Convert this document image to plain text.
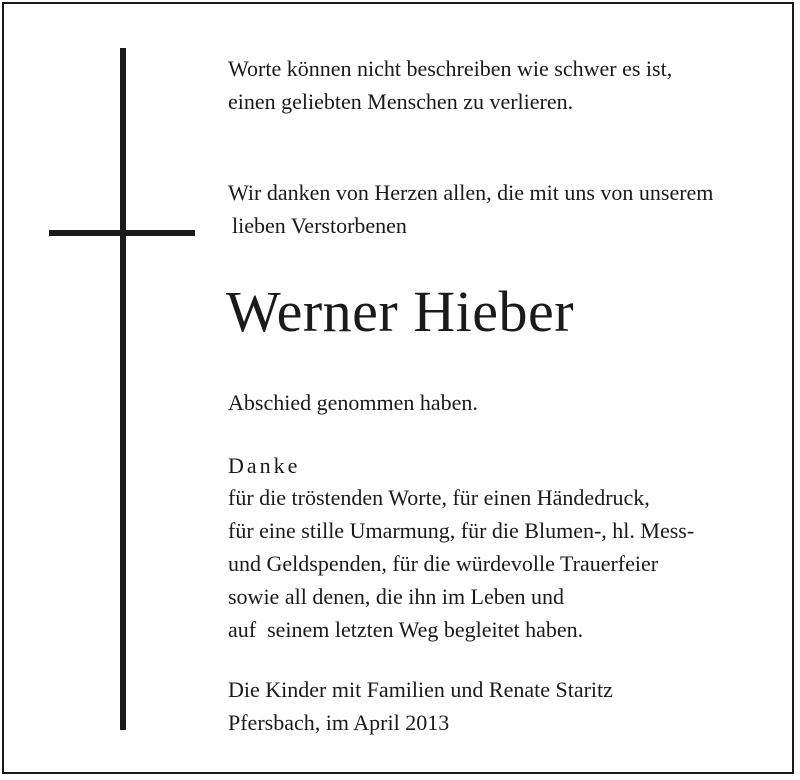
Worte können nicht beschreiben wie schwer es ist,
einen geliebten Menschen zu verlieren.
Wir danken von Herzen allen, die mit uns von unserem
lieben Verstorbenen
Werner Hieber
Abschied genommen haben.
Danke
für die tröstenden Worte, für einen Händedruck,
für eine stille Umarmung, für die Blumen-, hl. Mess-
und Geldspenden, für die würdevolle Trauerfeier
sowie all denen, die ihn im Leben und
auf  seinem letzten Weg begleitet haben.
Die Kinder mit Familien und Renate Staritz
Pfersbach, im April 2013
